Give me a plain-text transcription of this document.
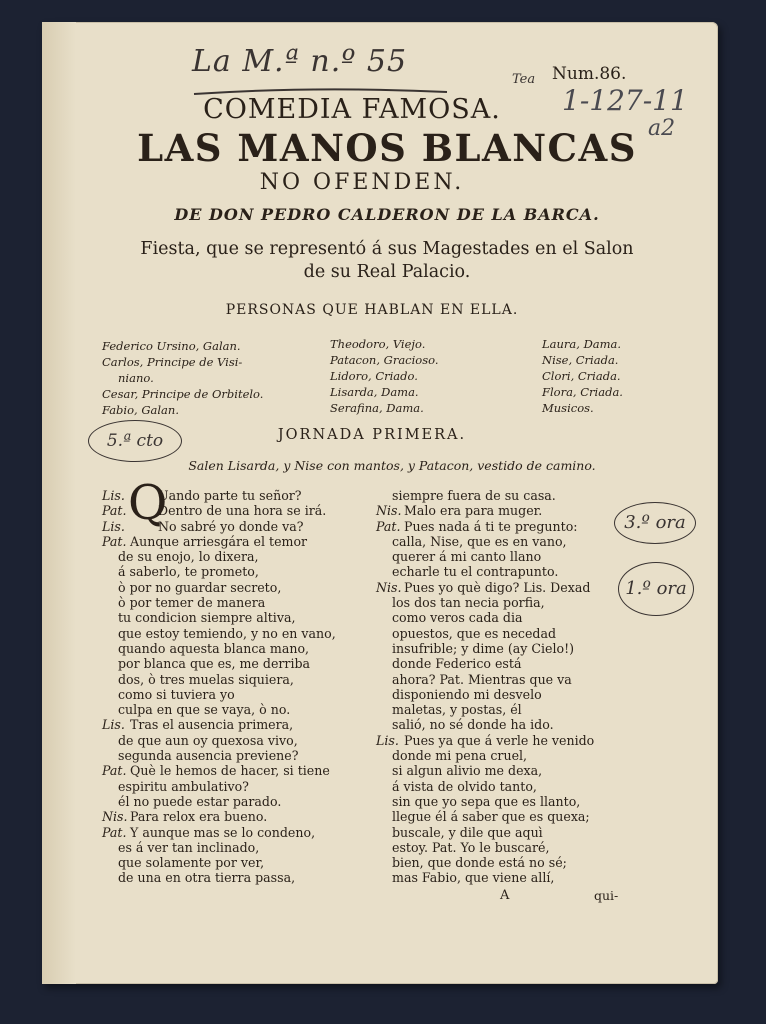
La M.ª n.º 55	Num.86.
Tea
1-127-11
a2
COMEDIA FAMOSA.
LAS MANOS BLANCAS
NO OFENDEN.
DE DON PEDRO CALDERON DE LA BARCA.
Fiesta, que se representó á sus Magestades en el Salon
de su Real Palacio.
PERSONAS QUE HABLAN EN ELLA.
Federico Ursino, Galan.
Carlos, Principe de Visi-
niano.
Cesar, Principe de Orbitelo.
Fabio, Galan.
Theodoro, Viejo.
Patacon, Gracioso.
Lidoro, Criado.
Lisarda, Dama.
Serafina, Dama.
Laura, Dama.
Nise, Criada.
Clori, Criada.
Flora, Criada.
Musicos.
5.ª cto	JORNADA PRIMERA.
Salen Lisarda, y Nise con mantos, y Patacon, vestido de camino.
Q
Lis.	Uando parte tu señor?
Pat.	Dentro de una hora se irá.
Lis.	No sabré yo donde va?
Pat. Aunque arriesgára el temor
de su enojo, lo dixera,
á saberlo, te prometo,
ò por no guardar secreto,
ò por temer de manera
tu condicion siempre altiva,
que estoy temiendo, y no en vano,
quando aquesta blanca mano,
por blanca que es, me derriba
dos, ò tres muelas siquiera,
como si tuviera yo
culpa en que se vaya, ò no.
Lis. Tras el ausencia primera,
de que aun oy quexosa vivo,
segunda ausencia previene?
Pat. Què le hemos de hacer, si tiene
espiritu ambulativo?
él no puede estar parado.
Nis. Para relox era bueno.
Pat. Y aunque mas se lo condeno,
es á ver tan inclinado,
que solamente por ver,
de una en otra tierra passa,
siempre fuera de su casa.
Nis. Malo era para muger.
Pat. Pues nada á ti te pregunto:
calla, Nise, que es en vano,
querer á mi canto llano
echarle tu el contrapunto.
Nis. Pues yo què digo? Lis. Dexad
los dos tan necia porfia,
como veros cada dia
opuestos, que es necedad
insufrible; y dime (ay Cielo!)
donde Federico está
ahora? Pat. Mientras que va
disponiendo mi desvelo
maletas, y postas, él
salió, no sé donde ha ido.
Lis. Pues ya que á verle he venido
donde mi pena cruel,
si algun alivio me dexa,
á vista de olvido tanto,
sin que yo sepa que es llanto,
llegue él á saber que es quexa;
buscale, y dile que aquì
estoy. Pat. Yo le buscaré,
bien, que donde está no sé;
mas Fabio, que viene allí,
3.º ora
1.º ora
A	qui-
